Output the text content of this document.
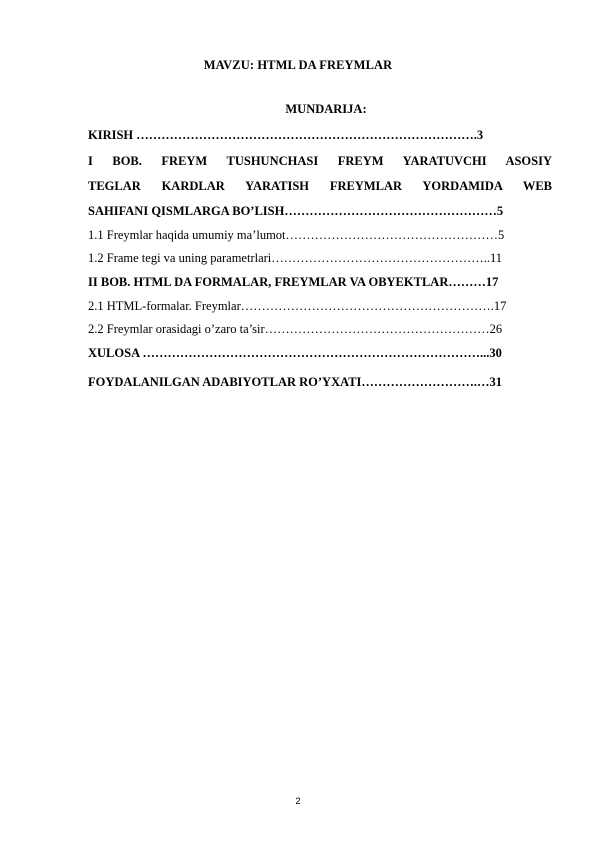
MAVZU: HTML DA FREYMLAR
MUNDARIJA:
KIRISH ……………………………………………………………………….3
I BOB. FREYM TUSHUNCHASI FREYM YARATUVCHI ASOSIY
TEGLAR KARDLAR YARATISH FREYMLAR YORDAMIDA WEB
SAHIFANI QISMLARGA BO’LISH……………………………………………5
1.1 Freymlar haqida umumiy ma’lumot……………………………………………5
1.2 Frame tegi va uning parametrlari……………………………………………..11
II BOB. HTML DA FORMALAR, FREYMLAR VA OBYEKTLAR………17
2.1 HTML-formalar. Freymlar…………………………………………………….17
2.2 Freymlar orasidagi o’zaro ta’sir………………………………………………26
XULOSA ………………………………………………………………………...30
FOYDALANILGAN ADABIYOTLAR RO’YXATI……………………….…31
2
